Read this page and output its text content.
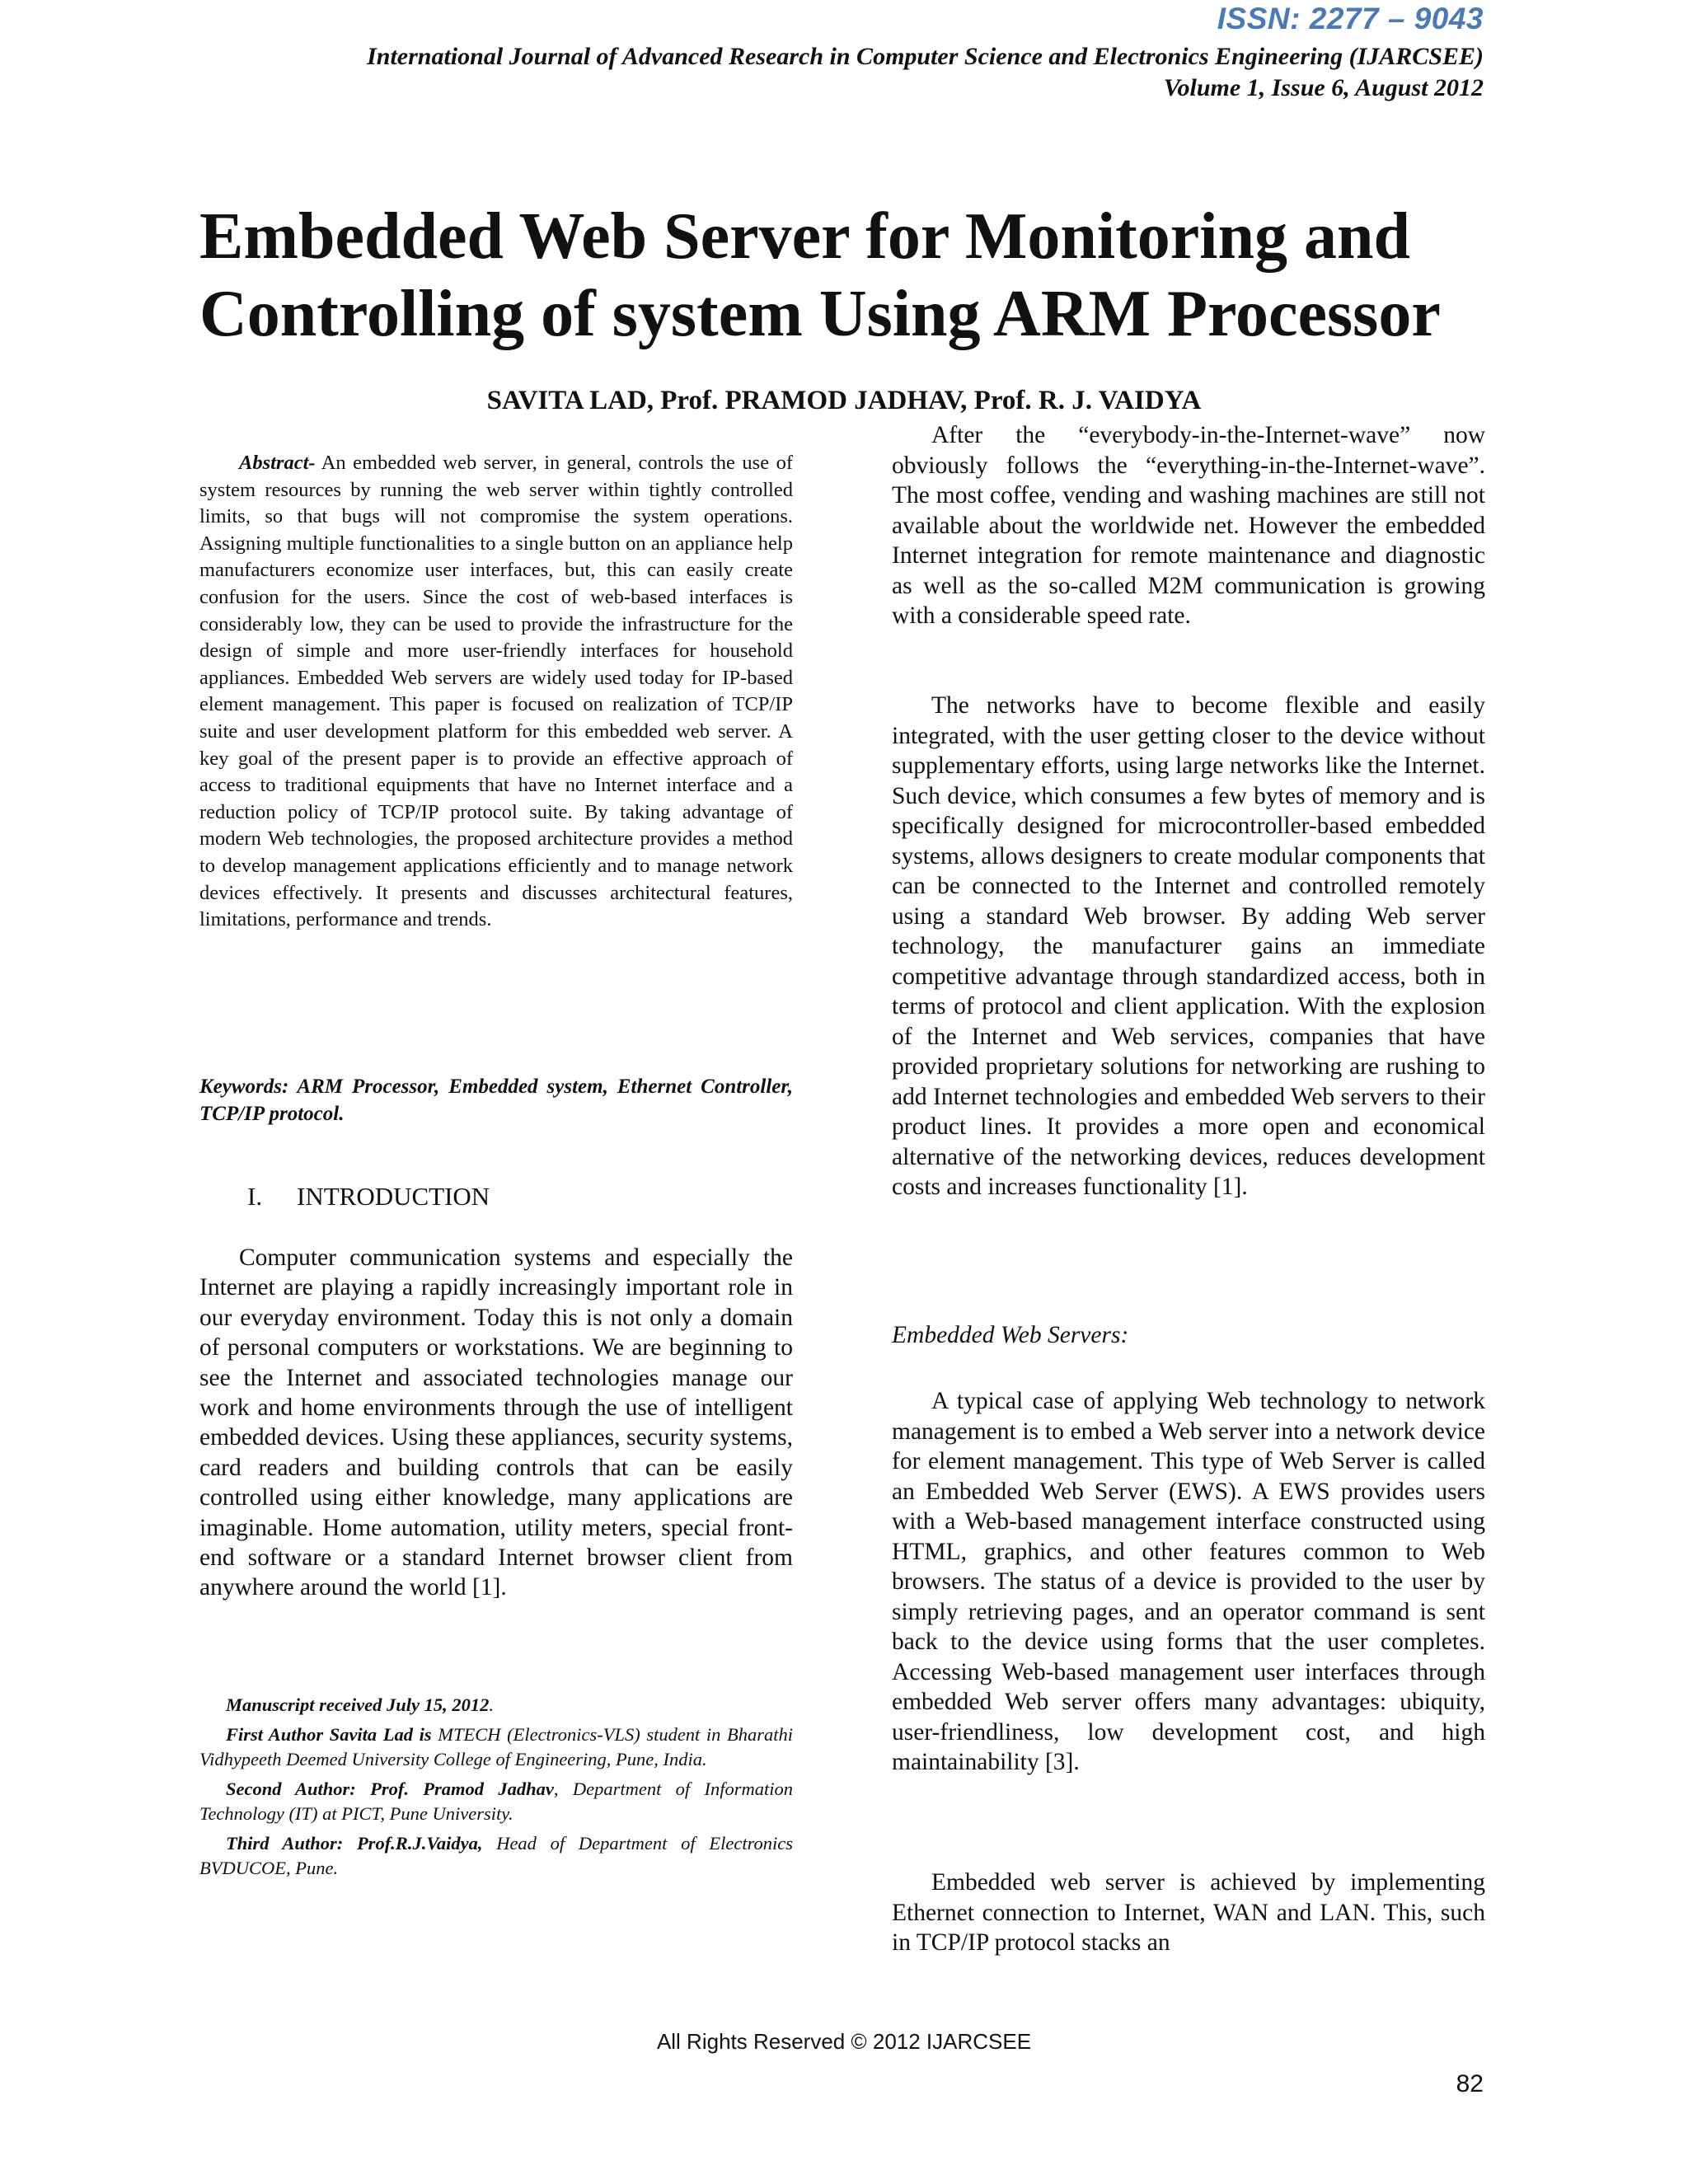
ISSN: 2277 – 9043
International Journal of Advanced Research in Computer Science and Electronics Engineering (IJARCSEE)
Volume 1, Issue 6, August 2012
Embedded Web Server for Monitoring and
Controlling of system Using ARM Processor
SAVITA LAD, Prof. PRAMOD JADHAV, Prof. R. J. VAIDYA

Abstract- An embedded web server, in general, controls the use of system resources by running the web server within tightly controlled limits, so that bugs will not compromise the system operations. Assigning multiple functionalities to a single button on an appliance help manufacturers economize user interfaces, but, this can easily create confusion for the users. Since the cost of web-based interfaces is considerably low, they can be used to provide the infrastructure for the design of simple and more user-friendly interfaces for household appliances. Embedded Web servers are widely used today for IP-based element management. This paper is focused on realization of TCP/IP suite and user development platform for this embedded web server. A key goal of the present paper is to provide an effective approach of access to traditional equipments that have no Internet interface and a reduction policy of TCP/IP protocol suite. By taking advantage of modern Web technologies, the proposed architecture provides a method to develop management applications efficiently and to manage network devices effectively. It presents and discusses architectural features, limitations, performance and trends.

Keywords: ARM Processor, Embedded system, Ethernet Controller, TCP/IP protocol.

I. INTRODUCTION

Computer communication systems and especially the Internet are playing a rapidly increasingly important role in our everyday environment. Today this is not only a domain of personal computers or workstations. We are beginning to see the Internet and associated technologies manage our work and home environments through the use of intelligent embedded devices. Using these appliances, security systems, card readers and building controls that can be easily controlled using either knowledge, many applications are imaginable. Home automation, utility meters, special front-end software or a standard Internet browser client from anywhere around the world [1].

Manuscript received July 15, 2012.

First Author Savita Lad is MTECH (Electronics-VLS) student in Bharathi Vidhypeeth Deemed University College of Engineering, Pune, India.

Second Author: Prof. Pramod Jadhav, Department of Information Technology (IT) at PICT, Pune University.

Third Author: Prof.R.J.Vaidya, Head of Department of Electronics BVDUCOE, Pune.

After the “everybody-in-the-Internet-wave” now obviously follows the “everything-in-the-Internet-wave”. The most coffee, vending and washing machines are still not available about the worldwide net. However the embedded Internet integration for remote maintenance and diagnostic as well as the so-called M2M communication is growing with a considerable speed rate.

The networks have to become flexible and easily integrated, with the user getting closer to the device without supplementary efforts, using large networks like the Internet. Such device, which consumes a few bytes of memory and is specifically designed for microcontroller-based embedded systems, allows designers to create modular components that can be connected to the Internet and controlled remotely using a standard Web browser. By adding Web server technology, the manufacturer gains an immediate competitive advantage through standardized access, both in terms of protocol and client application. With the explosion of the Internet and Web services, companies that have provided proprietary solutions for networking are rushing to add Internet technologies and embedded Web servers to their product lines. It provides a more open and economical alternative of the networking devices, reduces development costs and increases functionality [1].

Embedded Web Servers:

A typical case of applying Web technology to network management is to embed a Web server into a network device for element management. This type of Web Server is called an Embedded Web Server (EWS). A EWS provides users with a Web-based management interface constructed using HTML, graphics, and other features common to Web browsers. The status of a device is provided to the user by simply retrieving pages, and an operator command is sent back to the device using forms that the user completes. Accessing Web-based management user interfaces through embedded Web server offers many advantages: ubiquity, user-friendliness, low development cost, and high maintainability [3].

Embedded web server is achieved by implementing Ethernet connection to Internet, WAN and LAN. This, such in TCP/IP protocol stacks an

All Rights Reserved © 2012 IJARCSEE
82
